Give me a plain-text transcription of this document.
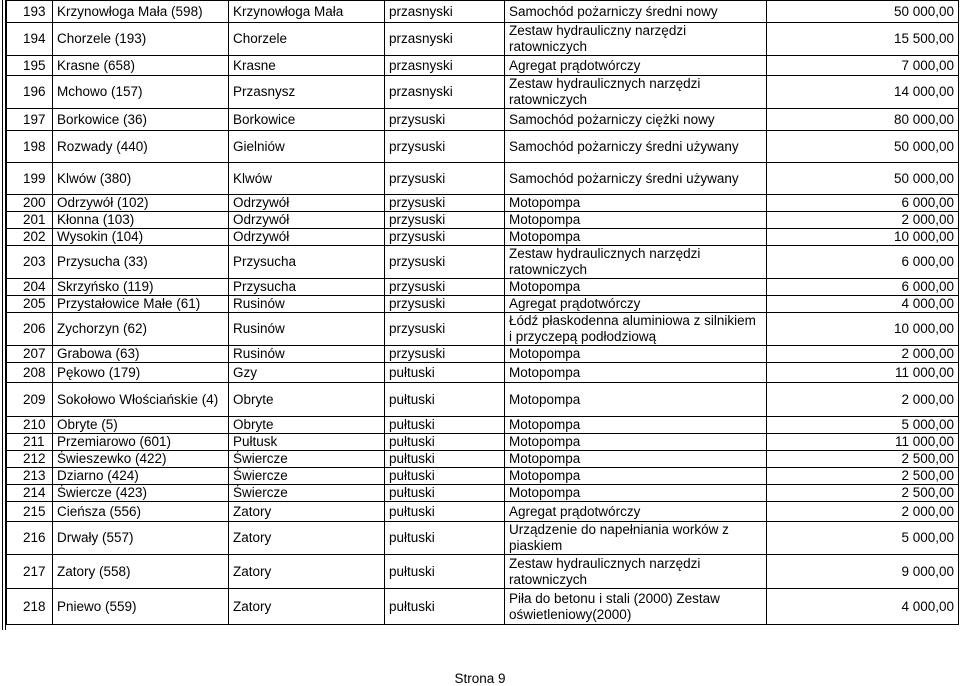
193	Krzynowłoga Mała (598)	Krzynowłoga Mała	przasnyski	Samochód pożarniczy średni nowy	50 000,00
194	Chorzele (193)	Chorzele	przasnyski	Zestaw hydrauliczny narzędzi ratowniczych	15 500,00
195	Krasne (658)	Krasne	przasnyski	Agregat prądotwórczy	7 000,00
196	Mchowo (157)	Przasnysz	przasnyski	Zestaw hydraulicznych narzędzi ratowniczych	14 000,00
197	Borkowice (36)	Borkowice	przysuski	Samochód pożarniczy ciężki nowy	80 000,00
198	Rozwady (440)	Gielniów	przysuski	Samochód pożarniczy średni używany	50 000,00
199	Klwów (380)	Klwów	przysuski	Samochód pożarniczy średni używany	50 000,00
200	Odrzywół (102)	Odrzywół	przysuski	Motopompa	6 000,00
201	Kłonna (103)	Odrzywół	przysuski	Motopompa	2 000,00
202	Wysokin (104)	Odrzywół	przysuski	Motopompa	10 000,00
203	Przysucha (33)	Przysucha	przysuski	Zestaw hydraulicznych narzędzi ratowniczych	6 000,00
204	Skrzyńsko (119)	Przysucha	przysuski	Motopompa	6 000,00
205	Przystałowice Małe (61)	Rusinów	przysuski	Agregat prądotwórczy	4 000,00
206	Zychorzyn (62)	Rusinów	przysuski	Łódź płaskodenna aluminiowa z silnikiem i przyczepą podłodziową	10 000,00
207	Grabowa (63)	Rusinów	przysuski	Motopompa	2 000,00
208	Pękowo (179)	Gzy	pułtuski	Motopompa	11 000,00
209	Sokołowo Włościańskie (4)	Obryte	pułtuski	Motopompa	2 000,00
210	Obryte (5)	Obryte	pułtuski	Motopompa	5 000,00
211	Przemiarowo (601)	Pułtusk	pułtuski	Motopompa	11 000,00
212	Świeszewko (422)	Świercze	pułtuski	Motopompa	2 500,00
213	Dziarno (424)	Świercze	pułtuski	Motopompa	2 500,00
214	Świercze (423)	Świercze	pułtuski	Motopompa	2 500,00
215	Cieńsza (556)	Zatory	pułtuski	Agregat prądotwórczy	2 000,00
216	Drwały (557)	Zatory	pułtuski	Urządzenie do napełniania worków z piaskiem	5 000,00
217	Zatory (558)	Zatory	pułtuski	Zestaw hydraulicznych narzędzi ratowniczych	9 000,00
218	Pniewo (559)	Zatory	pułtuski	Piła do betonu i stali (2000) Zestaw oświetleniowy(2000)	4 000,00
Strona 9
